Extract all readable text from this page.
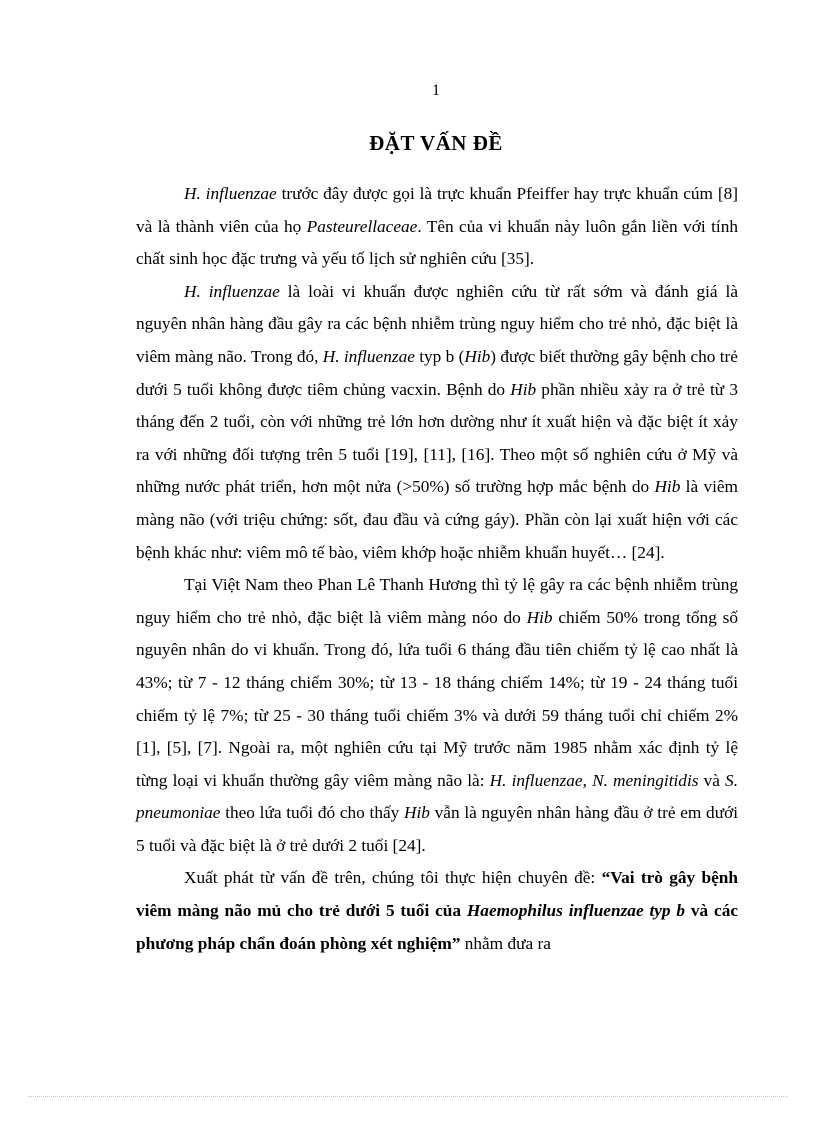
1
ĐẶT VẤN ĐỀ

H. influenzae trước đây được gọi là trực khuẩn Pfeiffer hay trực khuẩn cúm [8] và là thành viên của họ Pasteurellaceae. Tên của vi khuẩn này luôn gắn liền với tính chất sinh học đặc trưng và yếu tố lịch sử nghiên cứu [35].

H. influenzae là loài vi khuẩn được nghiên cứu từ rất sớm và đánh giá là nguyên nhân hàng đầu gây ra các bệnh nhiễm trùng nguy hiểm cho trẻ nhỏ, đặc biệt là viêm màng não. Trong đó, H. influenzae typ b (Hib) được biết thường gây bệnh cho trẻ dưới 5 tuổi không được tiêm chủng vacxin. Bệnh do Hib phần nhiều xảy ra ở trẻ từ 3 tháng đến 2 tuổi, còn với những trẻ lớn hơn dường như ít xuất hiện và đặc biệt ít xảy ra với những đối tượng trên 5 tuổi [19], [11], [16]. Theo một số nghiên cứu ở Mỹ và những nước phát triển, hơn một nửa (>50%) số trường hợp mắc bệnh do Hib là viêm màng não (với triệu chứng: sốt, đau đầu và cứng gáy). Phần còn lại xuất hiện với các bệnh khác như: viêm mô tế bào, viêm khớp hoặc nhiễm khuẩn huyết… [24].

Tại Việt Nam theo Phan Lê Thanh Hương thì tỷ lệ gây ra các bệnh nhiễm trùng nguy hiểm cho trẻ nhỏ, đặc biệt là viêm màng nóo do Hib chiếm 50% trong tổng số nguyên nhân do vi khuẩn. Trong đó, lứa tuổi 6 tháng đầu tiên chiếm tỷ lệ cao nhất là 43%; từ 7 - 12 tháng chiếm 30%; từ 13 - 18 tháng chiếm 14%; từ 19 - 24 tháng tuổi chiếm tỷ lệ 7%; từ 25 - 30 tháng tuổi chiếm 3% và dưới 59 tháng tuổi chỉ chiếm 2% [1], [5], [7]. Ngoài ra, một nghiên cứu tại Mỹ trước năm 1985 nhằm xác định tỷ lệ từng loại vi khuẩn thường gây viêm màng não là: H. influenzae, N. meningitidis và S. pneumoniae theo lứa tuổi đó cho thấy Hib vẫn là nguyên nhân hàng đầu ở trẻ em dưới 5 tuổi và đặc biệt là ở trẻ dưới 2 tuổi [24].

Xuất phát từ vấn đề trên, chúng tôi thực hiện chuyên đề: “Vai trò gây bệnh viêm màng não mủ cho trẻ dưới 5 tuổi của Haemophilus influenzae typ b và các phương pháp chẩn đoán phòng xét nghiệm” nhằm đưa ra
